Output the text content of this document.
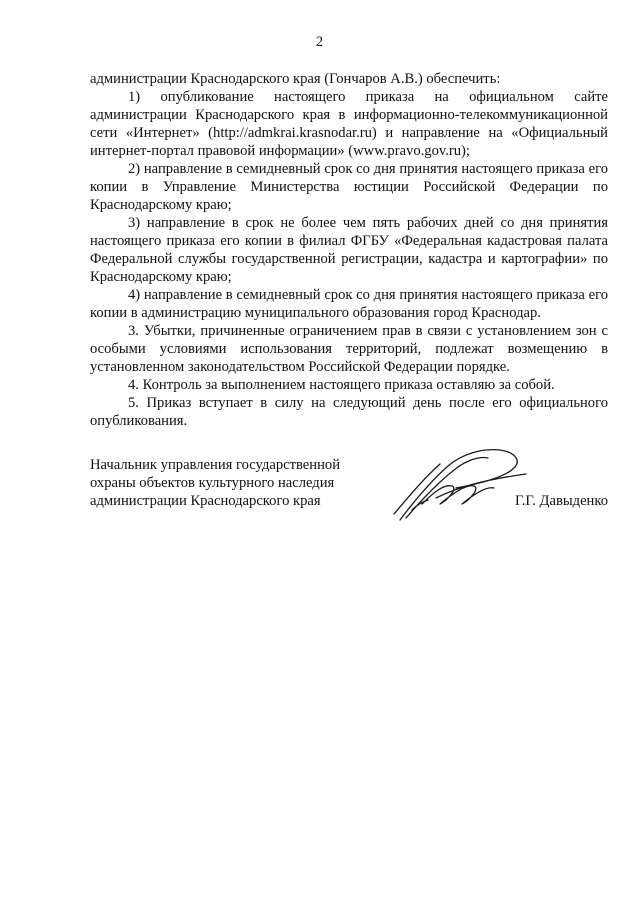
2

администрации Краснодарского края (Гончаров А.В.) обеспечить:

1) опубликование настоящего приказа на официальном сайте администрации Краснодарского края в информационно-телекоммуникационной сети «Интернет» (http://admkrai.krasnodar.ru) и направление на «Официальный интернет-портал правовой информации» (www.pravo.gov.ru);

2) направление в семидневный срок со дня принятия настоящего приказа его копии в Управление Министерства юстиции Российской Федерации по Краснодарскому краю;

3) направление в срок не более чем пять рабочих дней со дня принятия настоящего приказа его копии в филиал ФГБУ «Федеральная кадастровая палата Федеральной службы государственной регистрации, кадастра и картографии» по Краснодарскому краю;

4) направление в семидневный срок со дня принятия настоящего приказа его копии в администрацию муниципального образования город Краснодар.

3. Убытки, причиненные ограничением прав в связи с установлением зон с особыми условиями использования территорий, подлежат возмещению в установленном законодательством Российской Федерации порядке.

4. Контроль за выполнением настоящего приказа оставляю за собой.

5. Приказ вступает в силу на следующий день после его официального опубликования.

Начальник управления государственной
охраны объектов культурного наследия
администрации Краснодарского края	Г.Г. Давыденко
